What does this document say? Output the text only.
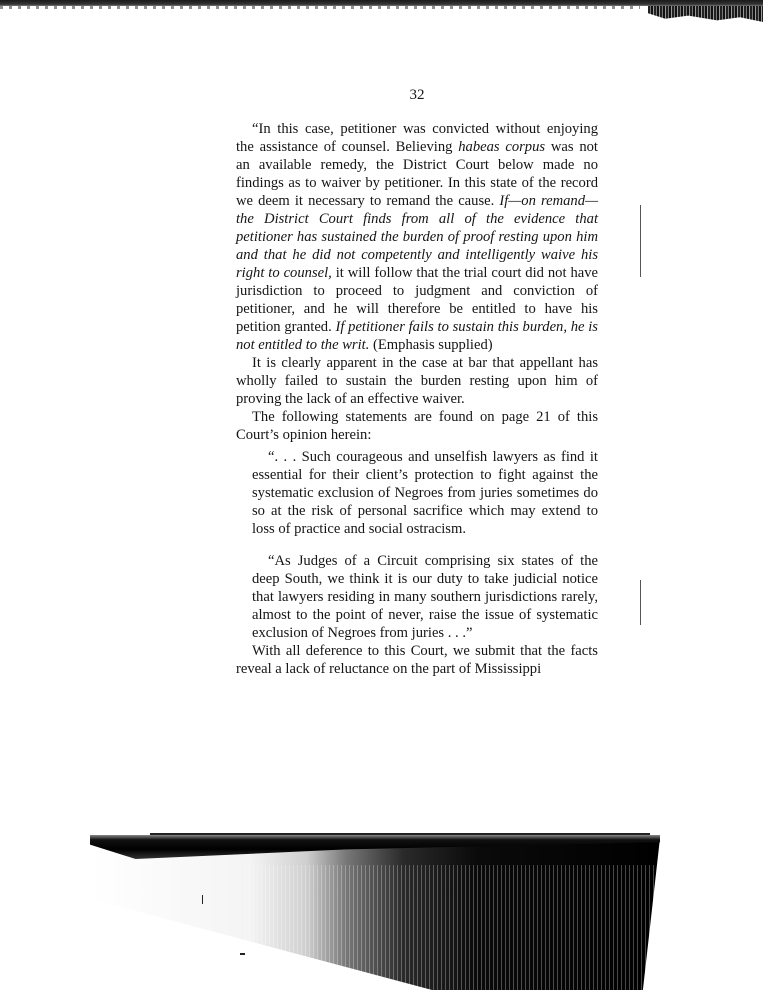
32

“In this case, petitioner was convicted without enjoying the assistance of counsel. Believing habeas corpus was not an available remedy, the District Court below made no findings as to waiver by petitioner. In this state of the record we deem it necessary to remand the cause. If—on remand—the District Court finds from all of the evidence that petitioner has sustained the burden of proof resting upon him and that he did not competently and intelligently waive his right to counsel, it will follow that the trial court did not have jurisdiction to proceed to judgment and conviction of petitioner, and he will therefore be entitled to have his petition granted. If petitioner fails to sustain this burden, he is not entitled to the writ. (Emphasis supplied)

It is clearly apparent in the case at bar that appellant has wholly failed to sustain the burden resting upon him of proving the lack of an effective waiver.

The following statements are found on page 21 of this Court’s opinion herein:

“. . . Such courageous and unselfish lawyers as find it essential for their client’s protection to fight against the systematic exclusion of Negroes from juries sometimes do so at the risk of personal sacrifice which may extend to loss of practice and social ostracism.

“As Judges of a Circuit comprising six states of the deep South, we think it is our duty to take judicial notice that lawyers residing in many southern jurisdictions rarely, almost to the point of never, raise the issue of systematic exclusion of Negroes from juries . . .”

With all deference to this Court, we submit that the facts reveal a lack of reluctance on the part of Mississippi
